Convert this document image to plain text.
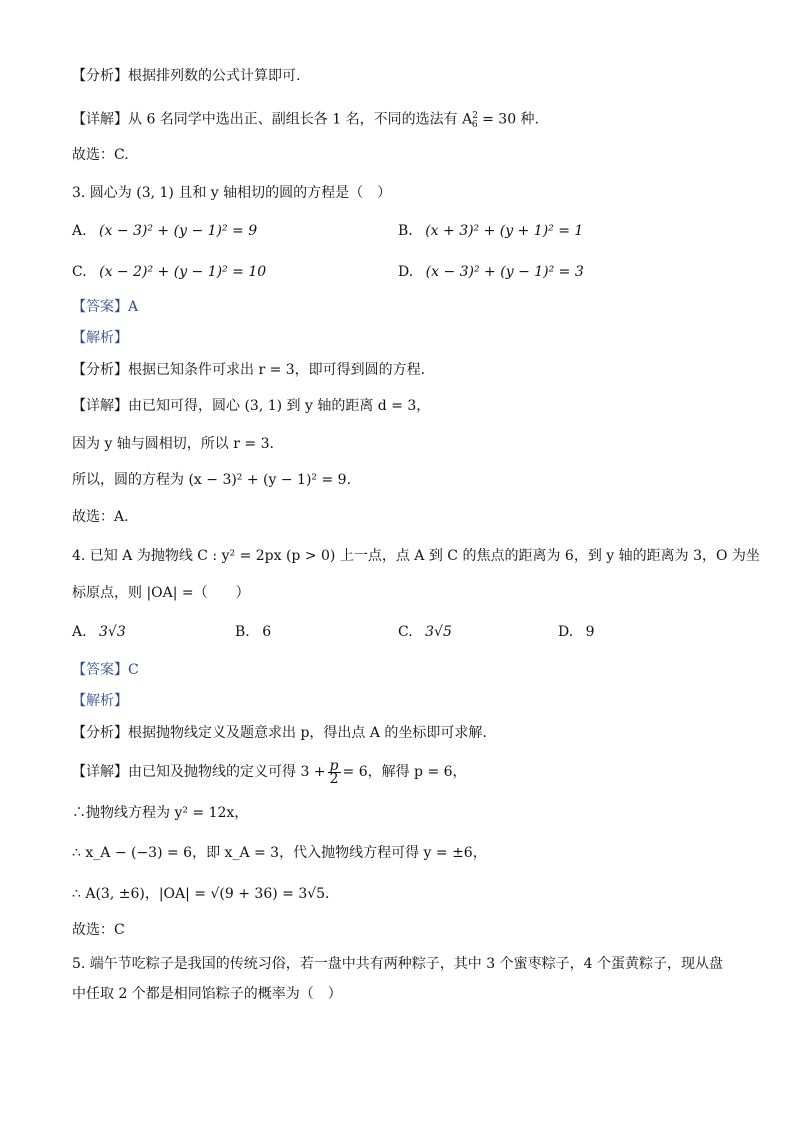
【分析】根据排列数的公式计算即可.
【详解】从 6 名同学中选出正、副组长各 1 名，不同的选法有 $A^2_6 = 30$ 种.
故选：C.
3. 圆心为 (3, 1) 且和 y 轴相切的圆的方程是（　）
A. (x − 3)² + (y − 1)² = 9	B. (x + 3)² + (y + 1)² = 1
C. (x − 2)² + (y − 1)² = 10	D. (x − 3)² + (y − 1)² = 3
【答案】A
【解析】
【分析】根据已知条件可求出 r = 3，即可得到圆的方程.
【详解】由已知可得，圆心 (3, 1) 到 y 轴的距离 d = 3，
因为 y 轴与圆相切，所以 r = 3.
所以，圆的方程为 (x − 3)² + (y − 1)² = 9.
故选：A.
4. 已知 A 为抛物线 C : y² = 2px (p > 0) 上一点，点 A 到 C 的焦点的距离为 6，到 y 轴的距离为 3，O 为坐
标原点，则 |OA| =（　　）
A. 3√3	B. 6	C. 3√5	D. 9
【答案】C
【解析】
【分析】根据抛物线定义及题意求出 p，得出点 A 的坐标即可求解.
【详解】由已知及抛物线的定义可得 $3 + \frac{p}{2} = 6$，解得 p = 6，
∴抛物线方程为 y² = 12x，
∴ x_A − (−3) = 6，即 x_A = 3，代入抛物线方程可得 y = ±6，
∴ A(3, ±6)，|OA| = √(9 + 36) = 3√5.
故选：C
5. 端午节吃粽子是我国的传统习俗，若一盘中共有两种粽子，其中 3 个蜜枣粽子，4 个蛋黄粽子，现从盘
中任取 2 个都是相同馅粽子的概率为（　）
